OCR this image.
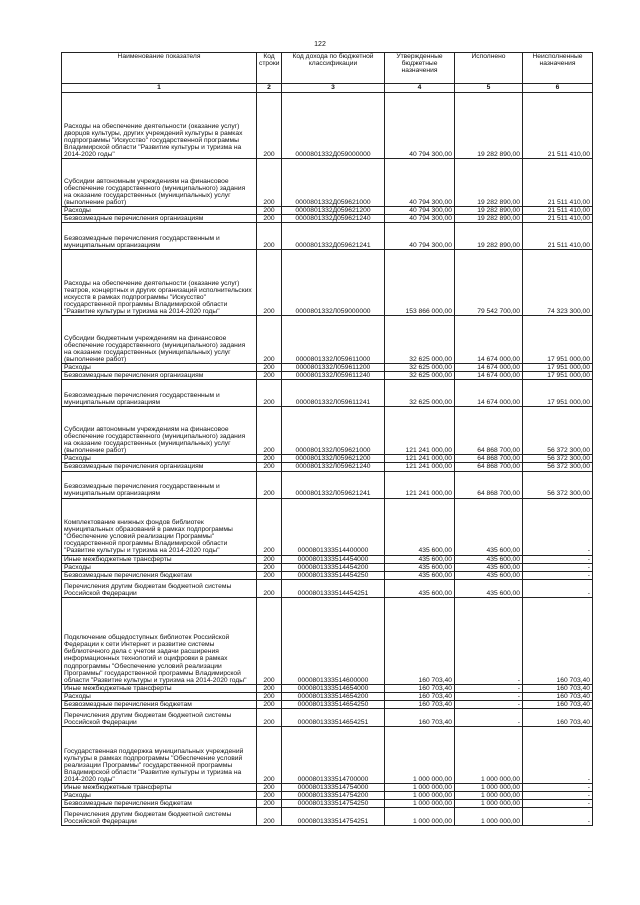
122
Наименование показателя	Код строки	Код дохода по бюджетной классификации	Утвержденные бюджетные назначения	Исполнено	Неисполненные назначения
1	2	3	4	5	6
Расходы на обеспечение деятельности (оказание услуг) дворцов культуры, других учреждений культуры в рамках подпрограммы "Искусство" государственной программы Владимирской области "Развитие культуры и туризма на 2014-2020 годы"	200	0000801332Д059000000	40 794 300,00	19 282 890,00	21 511 410,00
Субсидии автономным учреждениям на финансовое обеспечение государственного (муниципального) задания на оказание государственных (муниципальных) услуг (выполнение работ)	200	0000801332Д059621000	40 794 300,00	19 282 890,00	21 511 410,00
Расходы	200	0000801332Д059621200	40 794 300,00	19 282 890,00	21 511 410,00
Безвозмездные перечисления организациям	200	0000801332Д059621240	40 794 300,00	19 282 890,00	21 511 410,00
Безвозмездные перечисления государственным и муниципальным организациям	200	0000801332Д059621241	40 794 300,00	19 282 890,00	21 511 410,00
Расходы на обеспечение деятельности (оказание услуг) театров, концертных и других организаций исполнительских искусств в рамках подпрограммы "Искусство" государственной программы Владимирской области "Развитие культуры и туризма на 2014-2020 годы"	200	0000801332Л059000000	153 866 000,00	79 542 700,00	74 323 300,00
Субсидии бюджетным учреждениям на финансовое обеспечение государственного (муниципального) задания на оказание государственных (муниципальных) услуг (выполнение работ)	200	0000801332Л059611000	32 625 000,00	14 674 000,00	17 951 000,00
Расходы	200	0000801332Л059611200	32 625 000,00	14 674 000,00	17 951 000,00
Безвозмездные перечисления организациям	200	0000801332Л059611240	32 625 000,00	14 674 000,00	17 951 000,00
Безвозмездные перечисления государственным и муниципальным организациям	200	0000801332Л059611241	32 625 000,00	14 674 000,00	17 951 000,00
Субсидии автономным учреждениям на финансовое обеспечение государственного (муниципального) задания на оказание государственных (муниципальных) услуг (выполнение работ)	200	0000801332Л059621000	121 241 000,00	64 868 700,00	56 372 300,00
Расходы	200	0000801332Л059621200	121 241 000,00	64 868 700,00	56 372 300,00
Безвозмездные перечисления организациям	200	0000801332Л059621240	121 241 000,00	64 868 700,00	56 372 300,00
Безвозмездные перечисления государственным и муниципальным организациям	200	0000801332Л059621241	121 241 000,00	64 868 700,00	56 372 300,00
Комплектование книжных фондов библиотек муниципальных образований в рамках подпрограммы "Обеспечение условий реализации Программы" государственной программы Владимирской области "Развитие культуры и туризма на 2014-2020 годы"	200	0000801333514400000	435 600,00	435 600,00	-
Иные межбюджетные трансферты	200	0000801333514454000	435 600,00	435 600,00	-
Расходы	200	0000801333514454200	435 600,00	435 600,00	-
Безвозмездные перечисления бюджетам	200	0000801333514454250	435 600,00	435 600,00	-
Перечисления другим бюджетам бюджетной системы Российской Федерации	200	0000801333514454251	435 600,00	435 600,00	-
Подключение общедоступных библиотек Российской Федерации к сети Интернет и развитие системы библиотечного дела с учетом задачи расширения информационных технологий и оцифровки в рамках подпрограммы "Обеспечение условий реализации Программы" государственной программы Владимирской области "Развитие культуры и туризма на 2014-2020 годы"	200	0000801333514600000	160 703,40	-	160 703,40
Иные межбюджетные трансферты	200	0000801333514654000	160 703,40	-	160 703,40
Расходы	200	0000801333514654200	160 703,40	-	160 703,40
Безвозмездные перечисления бюджетам	200	0000801333514654250	160 703,40	-	160 703,40
Перечисления другим бюджетам бюджетной системы Российской Федерации	200	0000801333514654251	160 703,40	-	160 703,40
Государственная поддержка муниципальных учреждений культуры в рамках подпрограммы "Обеспечение условий реализации Программы" государственной программы Владимирской области "Развитие культуры и туризма на 2014-2020 годы"	200	0000801333514700000	1 000 000,00	1 000 000,00	-
Иные межбюджетные трансферты	200	0000801333514754000	1 000 000,00	1 000 000,00	-
Расходы	200	0000801333514754200	1 000 000,00	1 000 000,00	-
Безвозмездные перечисления бюджетам	200	0000801333514754250	1 000 000,00	1 000 000,00	-
Перечисления другим бюджетам бюджетной системы Российской Федерации	200	0000801333514754251	1 000 000,00	1 000 000,00	-
